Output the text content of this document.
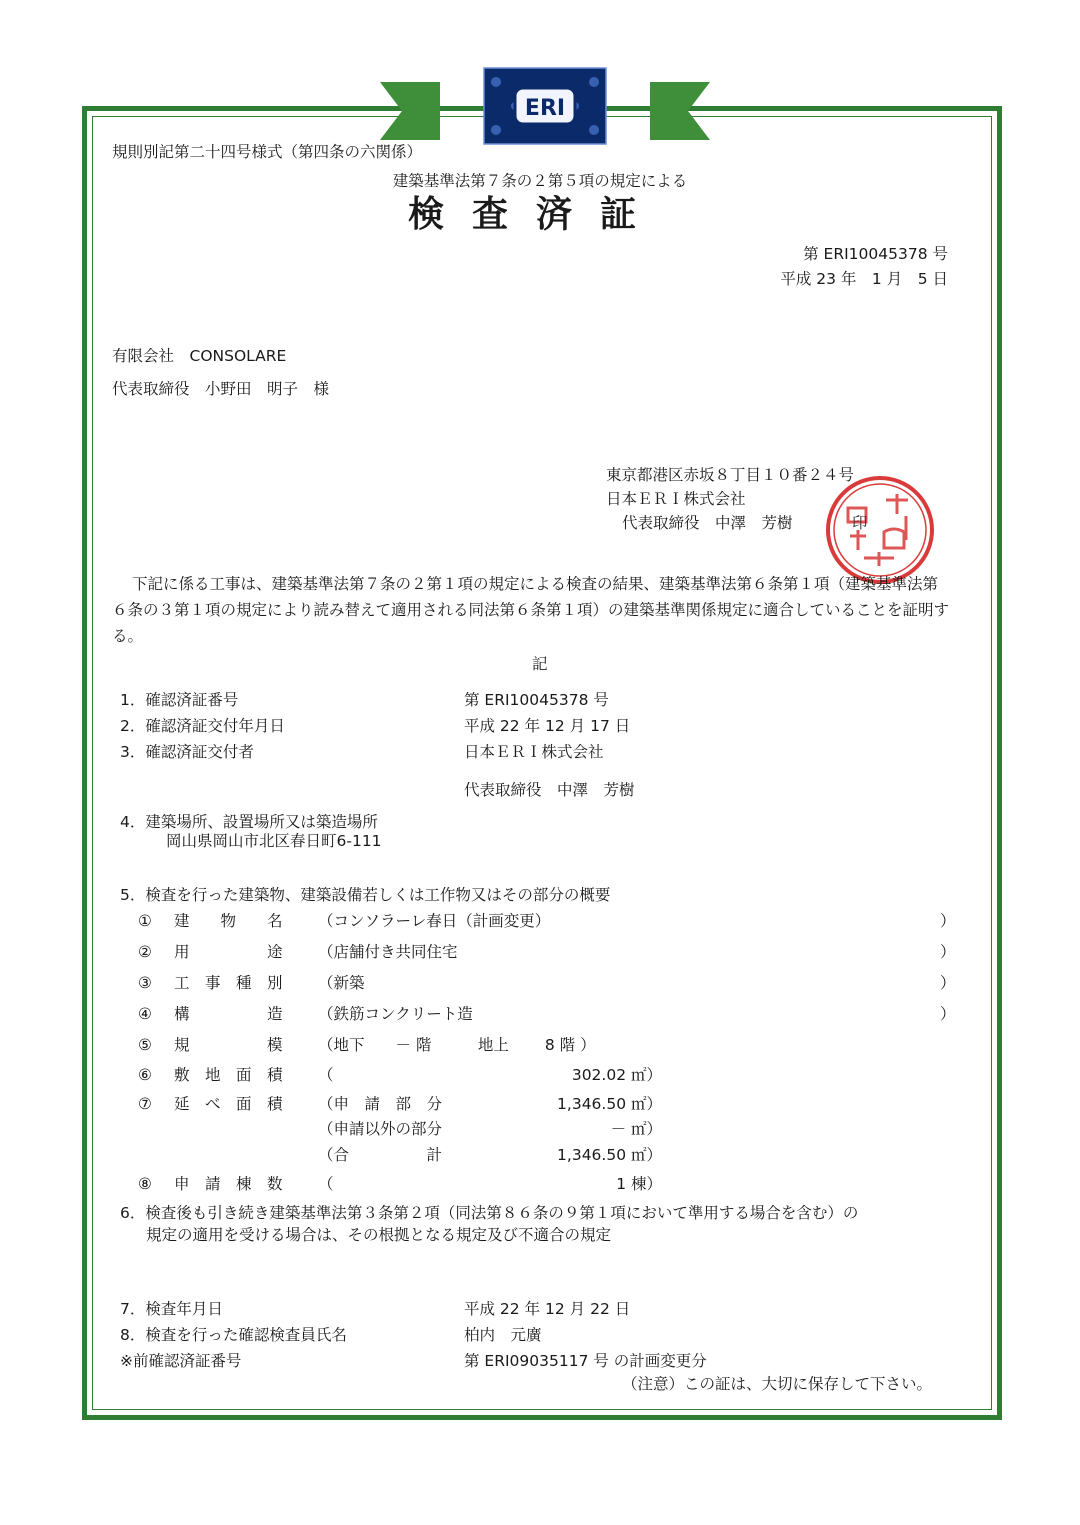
ERI
規則別記第二十四号様式（第四条の六関係）
建築基準法第７条の２第５項の規定による
検査済証
第 ERI10045378 号
平成 23 年　1 月　5 日
有限会社　CONSOLARE
代表取締役　小野田　明子　様
東京都港区赤坂８丁目１０番２４号
日本ＥＲＩ株式会社
代表取締役　中澤　芳樹	印
下記に係る工事は、建築基準法第７条の２第１項の規定による検査の結果、建築基準法第６条第１項（建築基準法第６条の３第１項の規定により読み替えて適用される同法第６条第１項）の建築基準関係規定に適合していることを証明する。
記
1．確認済証番号	第 ERI10045378 号
2．確認済証交付年月日	平成 22 年 12 月 17 日
3．確認済証交付者	日本ＥＲＩ株式会社
代表取締役　中澤　芳樹
4．建築場所、設置場所又は築造場所
岡山県岡山市北区春日町6-111
5．検査を行った建築物、建築設備若しくは工作物又はその部分の概要
① 建　　物　　名 （コンソラーレ春日（計画変更）	）
② 用　　　　　途 （店舗付き共同住宅	）
③ 工　事　種　別 （新築	）
④ 構　　　　　造 （鉄筋コンクリート造	）
⑤ 規　　　　　模 （地下　　－ 階　　　地上　　 8 階 ）
⑥ 敷　地　面　積 （	302.02 ㎡）
⑦ 延　べ　面　積 （申　請　部　分	1,346.50 ㎡）
（申請以外の部分	－ ㎡）
（合　　　　　計	1,346.50 ㎡）
⑧ 申　請　棟　数 （	1 棟）
6．検査後も引き続き建築基準法第３条第２項（同法第８６条の９第１項において準用する場合を含む）の
規定の適用を受ける場合は、その根拠となる規定及び不適合の規定
7．検査年月日	平成 22 年 12 月 22 日
8．検査を行った確認検査員氏名	柏内　元廣
※前確認済証番号	第 ERI09035117 号 の計画変更分
（注意）この証は、大切に保存して下さい。
